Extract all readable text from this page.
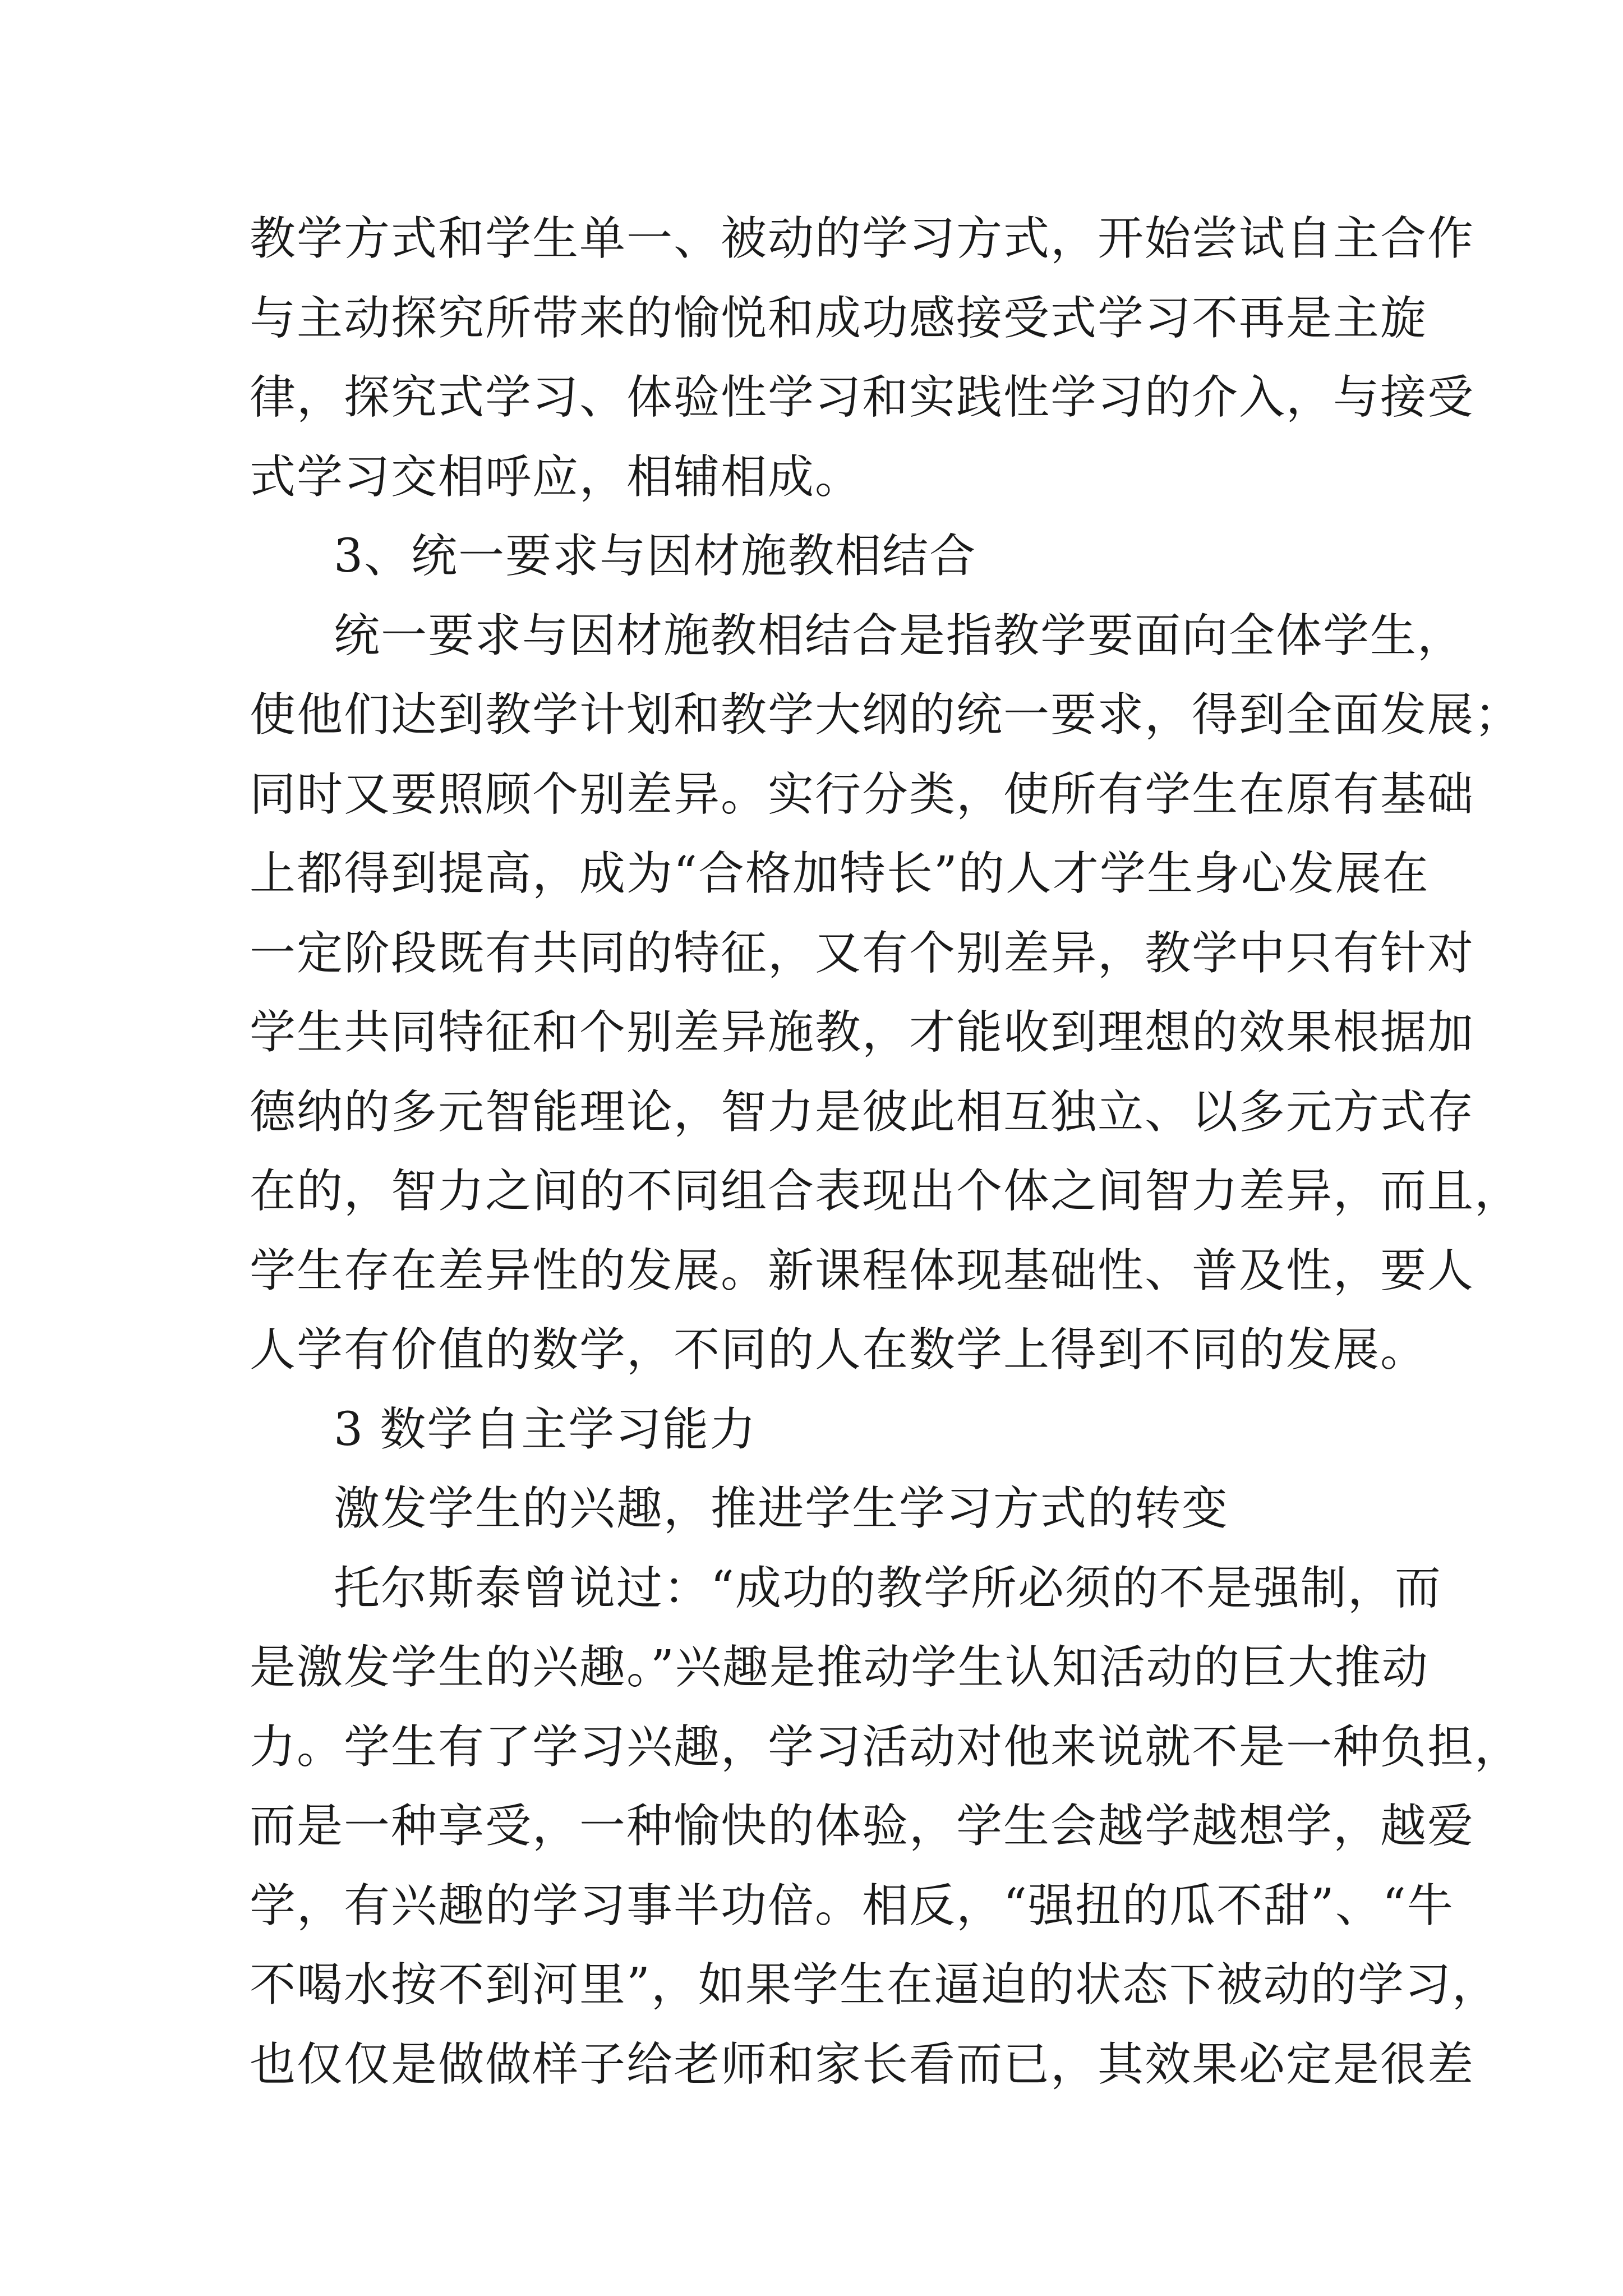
教学方式和学生单一、被动的学习方式，开始尝试自主合作
与主动探究所带来的愉悦和成功感接受式学习不再是主旋
律，探究式学习、体验性学习和实践性学习的介入，与接受
式学习交相呼应，相辅相成。
3、统一要求与因材施教相结合
统一要求与因材施教相结合是指教学要面向全体学生，
使他们达到教学计划和教学大纲的统一要求，得到全面发展；
同时又要照顾个别差异。实行分类，使所有学生在原有基础
上都得到提高，成为“合格加特长”的人才学生身心发展在
一定阶段既有共同的特征，又有个别差异，教学中只有针对
学生共同特征和个别差异施教，才能收到理想的效果根据加
德纳的多元智能理论，智力是彼此相互独立、以多元方式存
在的，智力之间的不同组合表现出个体之间智力差异，而且，
学生存在差异性的发展。新课程体现基础性、普及性，要人
人学有价值的数学，不同的人在数学上得到不同的发展。
3 数学自主学习能力
激发学生的兴趣，推进学生学习方式的转变
托尔斯泰曾说过：“成功的教学所必须的不是强制，而
是激发学生的兴趣。”兴趣是推动学生认知活动的巨大推动
力。学生有了学习兴趣，学习活动对他来说就不是一种负担，
而是一种享受，一种愉快的体验，学生会越学越想学，越爱
学，有兴趣的学习事半功倍。相反，“强扭的瓜不甜”、“牛
不喝水按不到河里”，如果学生在逼迫的状态下被动的学习，
也仅仅是做做样子给老师和家长看而已，其效果必定是很差
